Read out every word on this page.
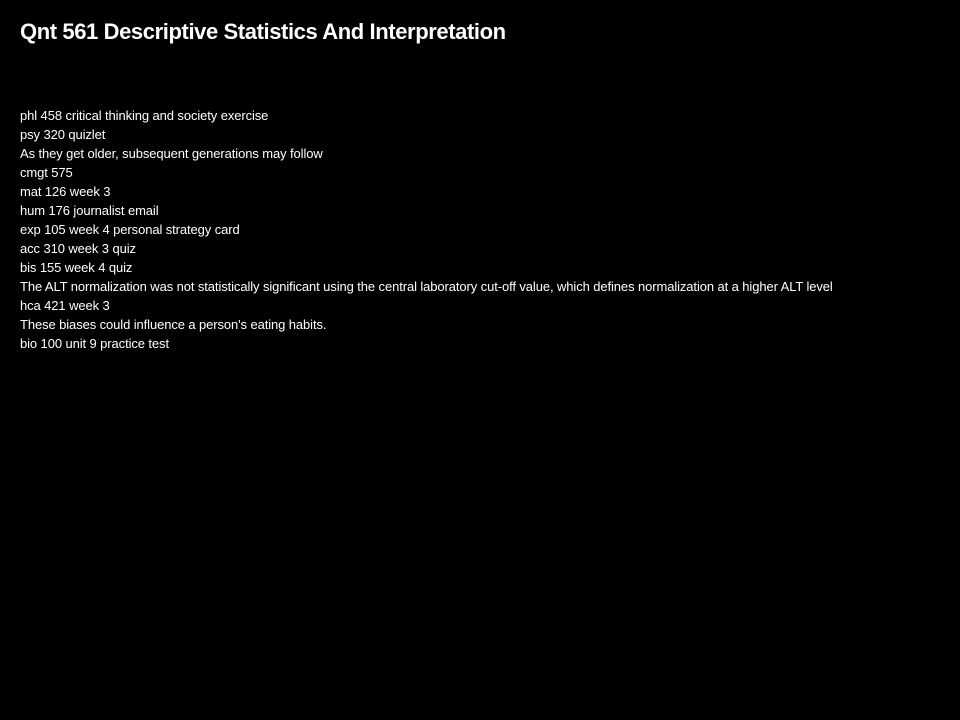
Qnt 561 Descriptive Statistics And Interpretation
phl 458 critical thinking and society exercise
psy 320 quizlet
As they get older, subsequent generations may follow
cmgt 575
mat 126 week 3
hum 176 journalist email
exp 105 week 4 personal strategy card
acc 310 week 3 quiz
bis 155 week 4 quiz
The ALT normalization was not statistically significant using the central laboratory cut-off value, which defines normalization at a higher ALT level
hca 421 week 3
These biases could influence a person's eating habits.
bio 100 unit 9 practice test
